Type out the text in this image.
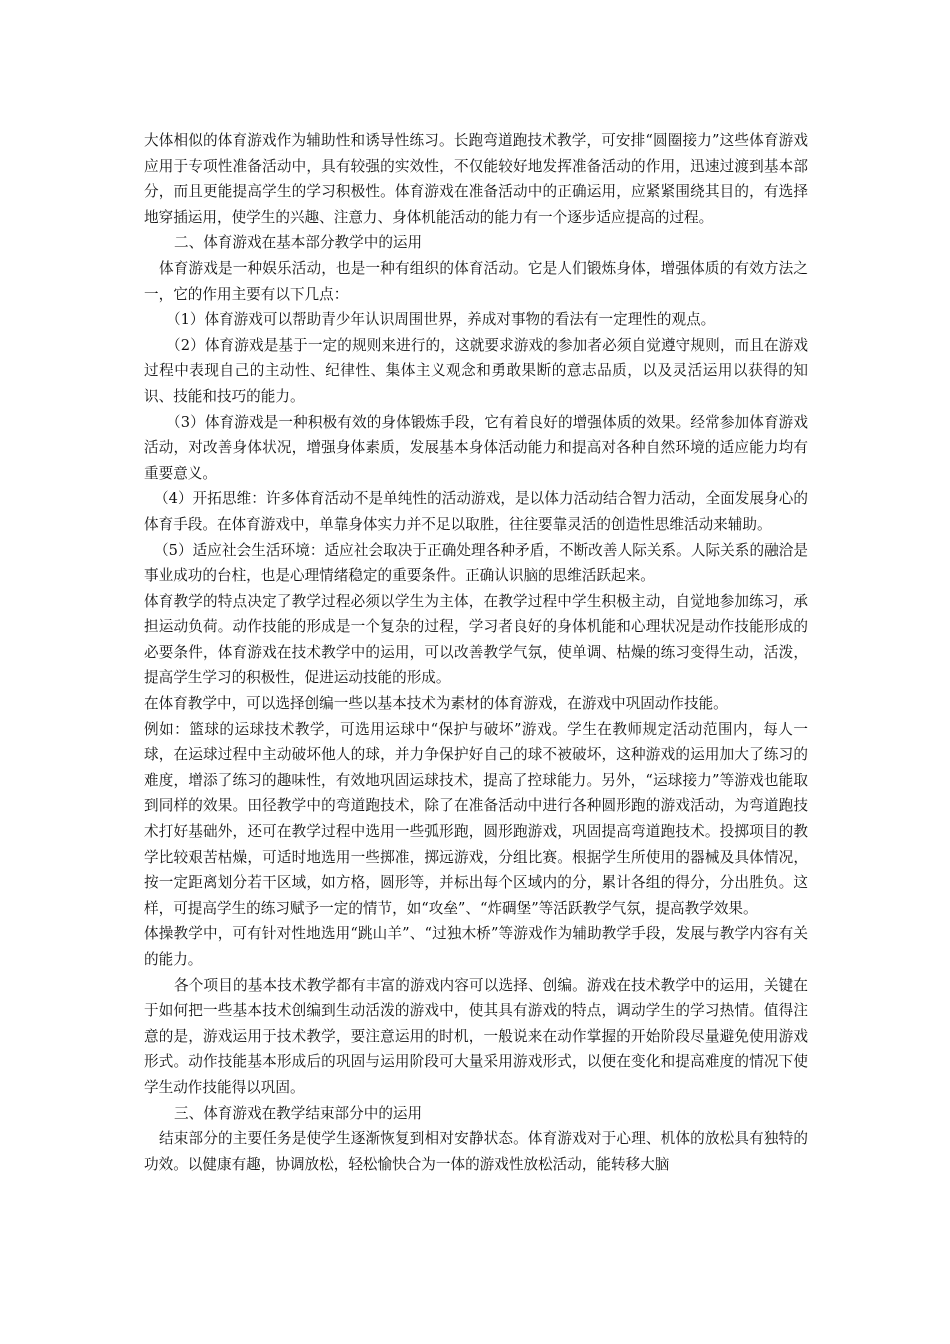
大体相似的体育游戏作为辅助性和诱导性练习。长跑弯道跑技术教学，可安排“圆圈接力”这些体育游戏应用于专项性准备活动中，具有较强的实效性，不仅能较好地发挥准备活动的作用，迅速过渡到基本部分，而且更能提高学生的学习积极性。体育游戏在准备活动中的正确运用，应紧紧围绕其目的，有选择地穿插运用，使学生的兴趣、注意力、身体机能活动的能力有一个逐步适应提高的过程。

二、体育游戏在基本部分教学中的运用

体育游戏是一种娱乐活动，也是一种有组织的体育活动。它是人们锻炼身体，增强体质的有效方法之一，它的作用主要有以下几点：

（1）体育游戏可以帮助青少年认识周围世界，养成对事物的看法有一定理性的观点。

（2）体育游戏是基于一定的规则来进行的，这就要求游戏的参加者必须自觉遵守规则，而且在游戏过程中表现自己的主动性、纪律性、集体主义观念和勇敢果断的意志品质，以及灵活运用以获得的知识、技能和技巧的能力。

（3）体育游戏是一种积极有效的身体锻炼手段，它有着良好的增强体质的效果。经常参加体育游戏活动，对改善身体状况，增强身体素质，发展基本身体活动能力和提高对各种自然环境的适应能力均有重要意义。

（4）开拓思维：许多体育活动不是单纯性的活动游戏，是以体力活动结合智力活动，全面发展身心的体育手段。在体育游戏中，单靠身体实力并不足以取胜，往往要靠灵活的创造性思维活动来辅助。

（5）适应社会生活环境：适应社会取决于正确处理各种矛盾，不断改善人际关系。人际关系的融洽是事业成功的台柱，也是心理情绪稳定的重要条件。正确认识脑的思维活跃起来。

体育教学的特点决定了教学过程必须以学生为主体，在教学过程中学生积极主动，自觉地参加练习，承担运动负荷。动作技能的形成是一个复杂的过程，学习者良好的身体机能和心理状况是动作技能形成的必要条件，体育游戏在技术教学中的运用，可以改善教学气氛，使单调、枯燥的练习变得生动，活泼，提高学生学习的积极性，促进运动技能的形成。

在体育教学中，可以选择创编一些以基本技术为素材的体育游戏，在游戏中巩固动作技能。

例如：篮球的运球技术教学，可选用运球中“保护与破坏”游戏。学生在教师规定活动范围内，每人一球，在运球过程中主动破坏他人的球，并力争保护好自己的球不被破坏，这种游戏的运用加大了练习的难度，增添了练习的趣味性，有效地巩固运球技术，提高了控球能力。另外，“运球接力”等游戏也能取到同样的效果。田径教学中的弯道跑技术，除了在准备活动中进行各种圆形跑的游戏活动，为弯道跑技术打好基础外，还可在教学过程中选用一些弧形跑，圆形跑游戏，巩固提高弯道跑技术。投掷项目的教学比较艰苦枯燥，可适时地选用一些掷准，掷远游戏，分组比赛。根据学生所使用的器械及具体情况，按一定距离划分若干区域，如方格，圆形等，并标出每个区域内的分，累计各组的得分，分出胜负。这样，可提高学生的练习赋予一定的情节，如“攻垒”、“炸碉堡”等活跃教学气氛，提高教学效果。

体操教学中，可有针对性地选用“跳山羊”、“过独木桥”等游戏作为辅助教学手段，发展与教学内容有关的能力。

各个项目的基本技术教学都有丰富的游戏内容可以选择、创编。游戏在技术教学中的运用，关键在于如何把一些基本技术创编到生动活泼的游戏中，使其具有游戏的特点，调动学生的学习热情。值得注意的是，游戏运用于技术教学，要注意运用的时机，一般说来在动作掌握的开始阶段尽量避免使用游戏形式。动作技能基本形成后的巩固与运用阶段可大量采用游戏形式，以便在变化和提高难度的情况下使学生动作技能得以巩固。

三、体育游戏在教学结束部分中的运用

结束部分的主要任务是使学生逐渐恢复到相对安静状态。体育游戏对于心理、机体的放松具有独特的功效。以健康有趣，协调放松，轻松愉快合为一体的游戏性放松活动，能转移大脑
